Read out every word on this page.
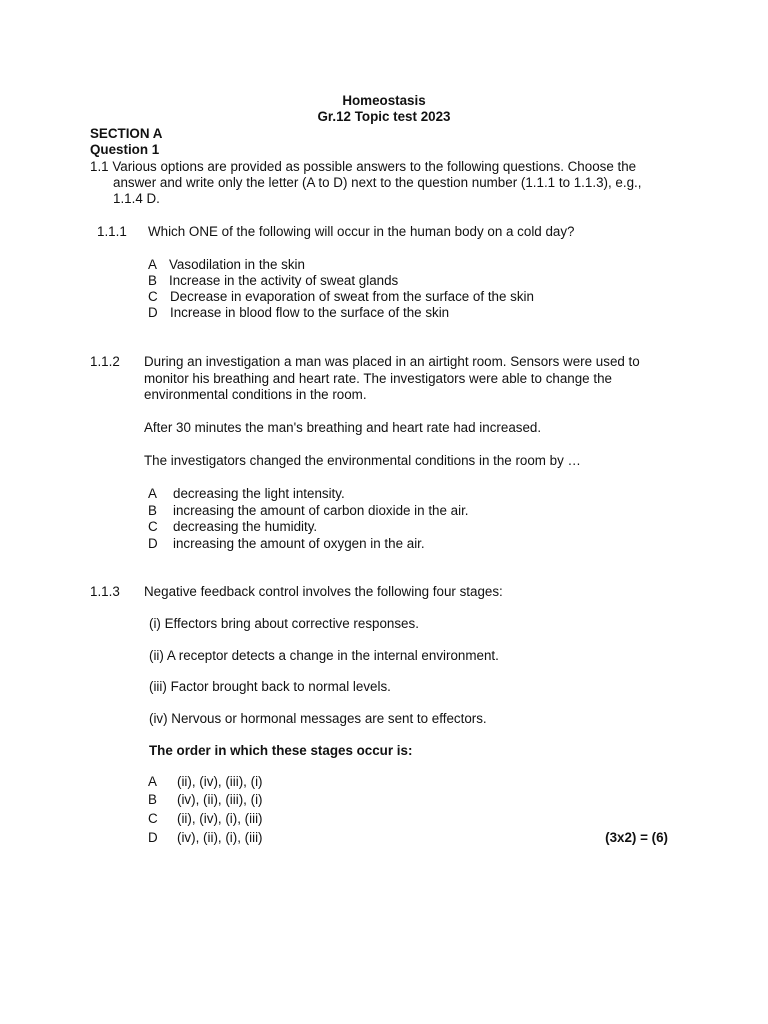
Homeostasis
Gr.12 Topic test 2023
SECTION A
Question 1
1.1 Various options are provided as possible answers to the following questions. Choose the
answer and write only the letter (A to D) next to the question number (1.1.1 to 1.1.3), e.g.,
1.1.4 D.
1.1.1 Which ONE of the following will occur in the human body on a cold day?
A Vasodilation in the skin
B Increase in the activity of sweat glands
C Decrease in evaporation of sweat from the surface of the skin
D Increase in blood flow to the surface of the skin
1.1.2 During an investigation a man was placed in an airtight room. Sensors were used to
monitor his breathing and heart rate. The investigators were able to change the
environmental conditions in the room.
After 30 minutes the man's breathing and heart rate had increased.
The investigators changed the environmental conditions in the room by …
A decreasing the light intensity.
B increasing the amount of carbon dioxide in the air.
C decreasing the humidity.
D increasing the amount of oxygen in the air.
1.1.3 Negative feedback control involves the following four stages:
(i) Effectors bring about corrective responses.
(ii) A receptor detects a change in the internal environment.
(iii) Factor brought back to normal levels.
(iv) Nervous or hormonal messages are sent to effectors.
The order in which these stages occur is:
A (ii), (iv), (iii), (i)
B (iv), (ii), (iii), (i)
C (ii), (iv), (i), (iii)
D (iv), (ii), (i), (iii)	(3x2) = (6)
